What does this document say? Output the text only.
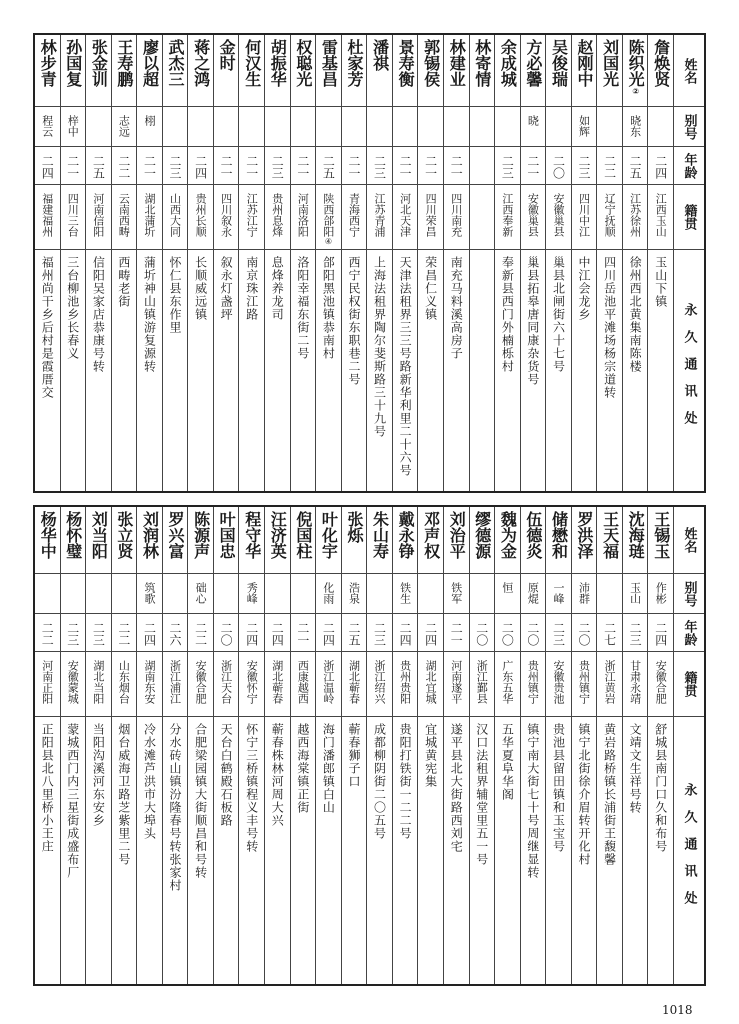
姓名
别号
年龄
籍贯
永久通讯处
詹焕贤
二四
江西玉山
玉山下镇
陈织光②
晓东
二五
江苏徐州
徐州西北黄集南陈楼
刘国光
二二
辽宁抚顺
四川岳池平滩场杨宗道转
赵刚中
如辉
二三
四川中江
中江会龙乡
吴俊瑞
二〇
安徽巢县
巢县北闸街六十七号
方必馨
晓
二一
安徽巢县
巢县拓皋唐同康杂货号
余成城
二三
江西奉新
奉新县西门外楠栎村
林寄情
林建业
二一
四川南充
南充马料溪高房子
郭锡侯
二一
四川荣昌
荣昌仁义镇
景寿衡
二一
河北天津
天津法租界三三号路新华利里二十六号
潘祺
二三
江苏青浦
上海法租界陶尔斐斯路三十九号
杜家芳
二一
青海西宁
西宁民权街东职巷二号
雷基昌
二五
陕西郃阳④
郃阳黑池镇恭南村
权聪光
二一
河南洛阳
洛阳幸福东街二号
胡振华
二三
贵州息烽
息烽养龙司
何汉生
二一
江苏江宁
南京珠江路
金时
二一
四川叙永
叙永灯盏坪
蒋之鸿
二四
贵州长顺
长顺威远镇
武杰三
二三
山西大同
怀仁县东作里
廖以超
栩
二一
湖北蒲圻
蒲圻神山镇游复源转
王寿鹏
志远
二二
云南西畴
西畴老街
张金训
二五
河南信阳
信阳吴家店恭康号转
孙国复
梓中
二一
四川三台
三台柳池乡长春义
林步青
程云
二四
福建福州
福州尚干乡后村是霞厝交
姓名
别号
年龄
籍贯
永久通讯处
王锡玉
作彬
二四
安徽合肥
舒城县南门口久和布号
沈海琏
玉山
二三
甘肃永靖
文靖文生祥号转
王天福
二七
浙江黄岩
黄岩路桥镇长浦街王馥馨
罗洪泽
沛群
二〇
贵州镇宁
镇宁北街徐介眉转开化村
储懋和
一峰
二三
安徽贵池
贵池县留田镇和玉宝号
伍德炎
原焜
二〇
贵州镇宁
镇宁南大街七十号周继显转
魏为金
恒
二〇
广东五华
五华夏阜华阁
缪德源
二〇
浙江鄞县
汉口法租界辅堂里五一号
刘治平
铁军
二一
河南遂平
遂平县北大街路西刘宅
邓声权
二四
湖北宜城
宜城黄宪集
戴永铮
铁生
二四
贵州贵阳
贵阳打铁街一二二号
朱山寿
二三
浙江绍兴
成都柳阴街二〇五号
张烁
浩泉
二五
湖北蕲春
蕲春狮子口
叶化宇
化雨
二四
浙江温岭
海门潘郎镇白山
倪国柱
二一
西康越西
越西海棠镇正街
汪济英
二四
湖北蕲春
蕲春株林河周大兴
程守华
秀峰
二四
安徽怀宁
怀宁三桥镇程义丰号转
叶国忠
二〇
浙江天台
天台白鹤殿石板路
陈源声
础心
二二
安徽合肥
合肥梁园镇大街顺昌和号转
罗兴富
二六
浙江浦江
分水砖山镇汾隆春号转张家村
刘润林
筑歌
二四
湖南东安
冷水滩芦洪市大埠头
张立贤
二二
山东烟台
烟台威海卫路芝紫里二号
刘当阳
二三
湖北当阳
当阳沟溪河东安乡
杨怀璧
二三
安徽蒙城
蒙城西门内三星街成盛布厂
杨华中
二二
河南正阳
正阳县北八里桥小王庄
1018
